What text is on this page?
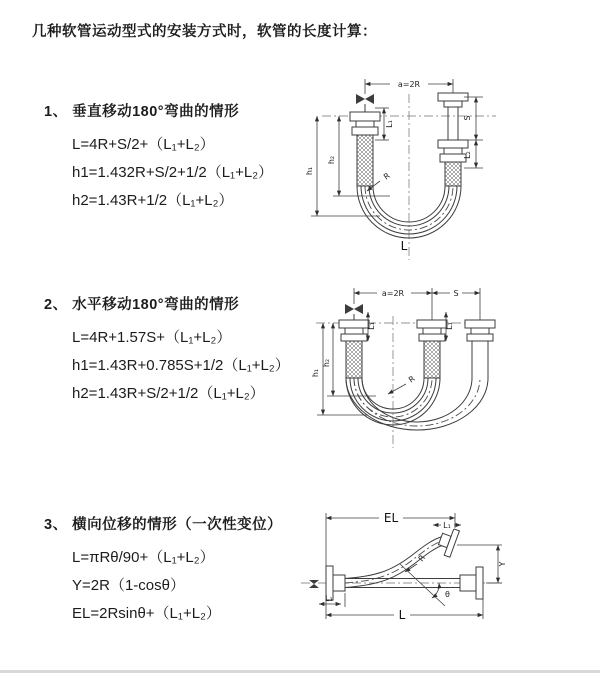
几种软管运动型式的安装方式时，软管的长度计算：
1、 垂直移动180°弯曲的情形
L=4R+S/2+（L₁+L₂）
h1=1.432R+S/2+1/2（L₁+L₂）
h2=1.43R+1/2（L₁+L₂）
2、 水平移动180°弯曲的情形
L=4R+1.57S+（L₁+L₂）
h1=1.43R+0.785S+1/2（L₁+L₂）
h2=1.43R+S/2+1/2（L₁+L₂）
3、 横向位移的情形（一次性变位）
L=πRθ/90+（L₁+L₂）
Y=2R（1-cosθ）
EL=2Rsinθ+（L₁+L₂）
a=2R
h₁
h₂
L₁
S
L₂
R
L
a=2R	S
h₁
h₂
L₁	L₁
R
EL
L₁
Y
L
L₁
R
θ
